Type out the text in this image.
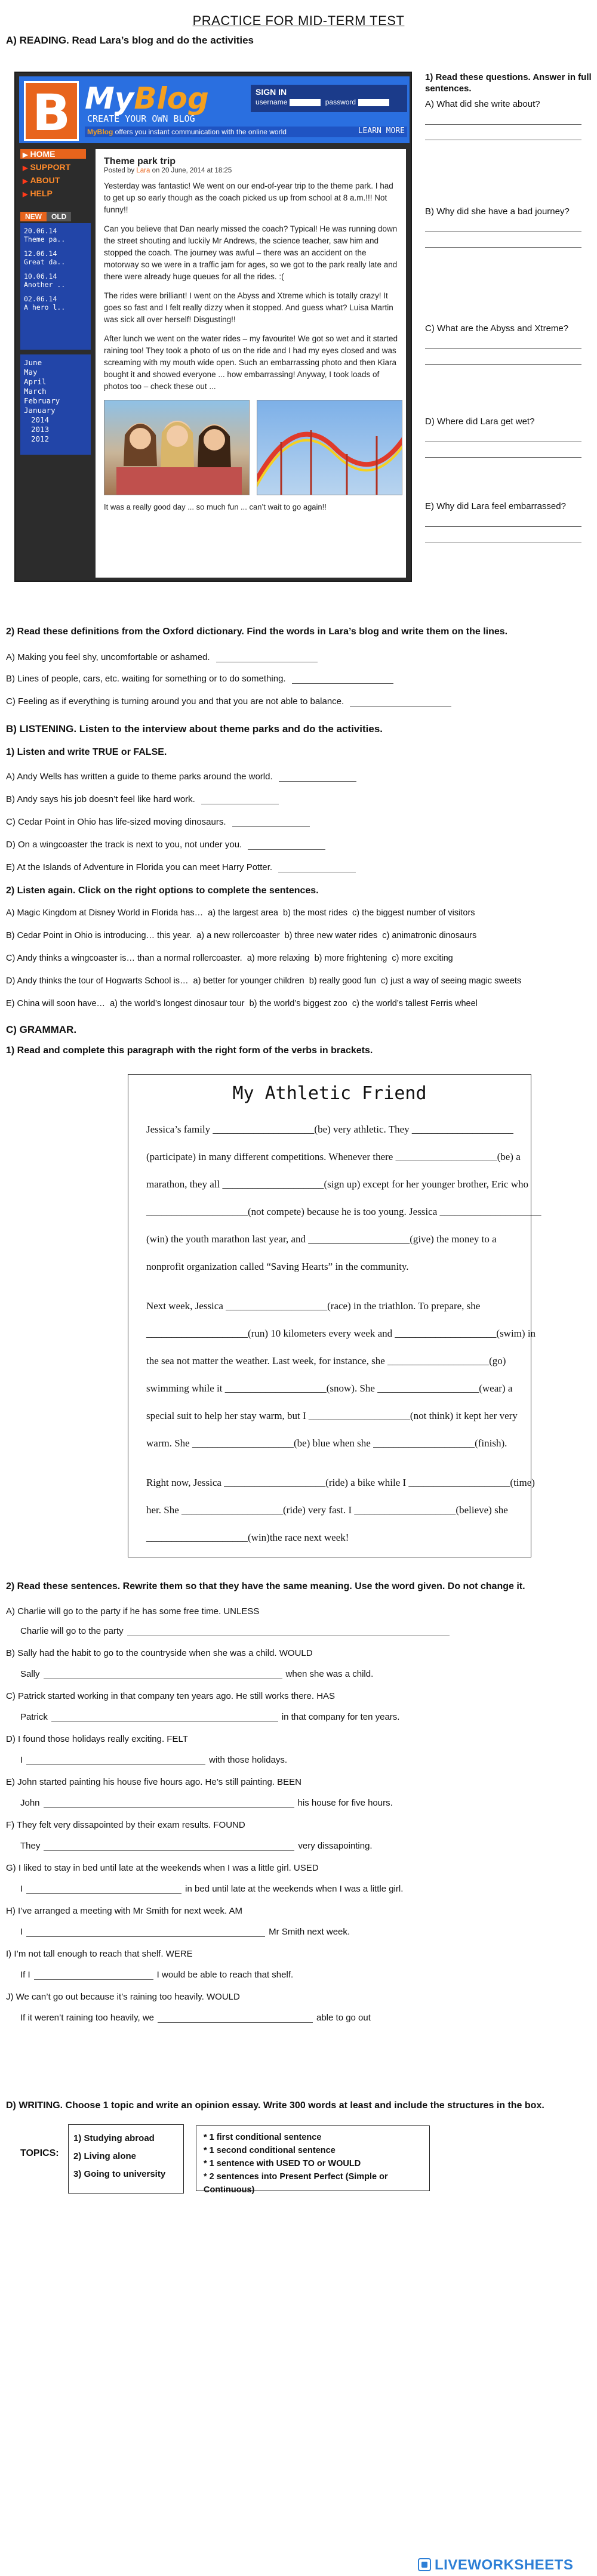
PRACTICE FOR MID-TERM TEST
A) READING. Read Lara’s blog and do the activities
B MyBlog	SIGN IN
username	password
CREATE YOUR OWN BLOG
MyBlog offers you instant communication with the online world	LEARN MORE
▶ HOME
▶ SUPPORT
▶ ABOUT
▶ HELP
NEW OLD
20.06.14
Theme pa..
12.06.14
Great da..
10.06.14
Another ..
02.06.14
A hero l..
June
May
April
March
February
January
2014
2013
2012
Theme park trip
Posted by Lara on 20 June, 2014 at 18:25

Yesterday was fantastic! We went on our end-of-year trip to the theme park. I had to get up so early though as the coach picked us up from school at 8 a.m.!!! Not funny!!

Can you believe that Dan nearly missed the coach? Typical! He was running down the street shouting and luckily Mr Andrews, the science teacher, saw him and stopped the coach. The journey was awful – there was an accident on the motorway so we were in a traffic jam for ages, so we got to the park really late and there were already huge queues for all the rides. :(

The rides were brilliant! I went on the Abyss and Xtreme which is totally crazy! It goes so fast and I felt really dizzy when it stopped. And guess what? Luisa Martin was sick all over herself! Disgusting!!

After lunch we went on the water rides – my favourite! We got so wet and it started raining too! They took a photo of us on the ride and I had my eyes closed and was screaming with my mouth wide open. Such an embarrassing photo and then Kiara bought it and showed everyone ... how embarrassing! Anyway, I took loads of photos too – check these out ...

It was a really good day ... so much fun ... can’t wait to go again!!
1) Read these questions. Answer in full sentences.
A) What did she write about?

B) Why did she have a bad journey?

C) What are the Abyss and Xtreme?

D) Where did Lara get wet?

E) Why did Lara feel embarrassed?

2) Read these definitions from the Oxford dictionary. Find the words in Lara’s blog and write them on the lines.
A) Making you feel shy, uncomfortable or ashamed.
B) Lines of people, cars, etc. waiting for something or to do something.
C) Feeling as if everything is turning around you and that you are not able to balance.
B) LISTENING. Listen to the interview about theme parks and do the activities.
1) Listen and write TRUE or FALSE.
A) Andy Wells has written a guide to theme parks around the world.
B) Andy says his job doesn’t feel like hard work.
C) Cedar Point in Ohio has life-sized moving dinosaurs.
D) On a wingcoaster the track is next to you, not under you.
E) At the Islands of Adventure in Florida you can meet Harry Potter.
2) Listen again. Click on the right options to complete the sentences.
A) Magic Kingdom at Disney World in Florida has… a) the largest area b) the most rides c) the biggest number of visitors
B) Cedar Point in Ohio is introducing… this year. a) a new rollercoaster b) three new water rides c) animatronic dinosaurs
C) Andy thinks a wingcoaster is… than a normal rollercoaster. a) more relaxing b) more frightening c) more exciting
D) Andy thinks the tour of Hogwarts School is… a) better for younger children b) really good fun c) just a way of seeing magic sweets
E) China will soon have… a) the world’s longest dinosaur tour b) the world’s biggest zoo c) the world’s tallest Ferris wheel
C) GRAMMAR.
1) Read and complete this paragraph with the right form of the verbs in brackets.
My Athletic Friend
Jessica’s family ____________________(be) very athletic. They ____________________
(participate) in many different competitions. Whenever there ____________________(be) a
marathon, they all ____________________(sign up) except for her younger brother, Eric who
____________________(not compete) because he is too young. Jessica ____________________
(win) the youth marathon last year, and ____________________(give) the money to a
nonprofit organization called “Saving Hearts” in the community.
Next week, Jessica ____________________(race) in the triathlon. To prepare, she
____________________(run) 10 kilometers every week and ____________________(swim) in
the sea not matter the weather. Last week, for instance, she ____________________(go)
swimming while it ____________________(snow). She ____________________(wear) a
special suit to help her stay warm, but I ____________________(not think) it kept her very
warm. She ____________________(be) blue when she ____________________(finish).
Right now, Jessica ____________________(ride) a bike while I ____________________(time)
her. She ____________________(ride) very fast. I ____________________(believe) she
____________________(win)the race next week!
2) Read these sentences. Rewrite them so that they have the same meaning. Use the word given. Do not change it.
A) Charlie will go to the party if he has some free time. UNLESS
Charlie will go to the party
B) Sally had the habit to go to the countryside when she was a child. WOULD
Sally	when she was a child.
C) Patrick started working in that company ten years ago. He still works there. HAS
Patrick	in that company for ten years.
D) I found those holidays really exciting. FELT
I	with those holidays.
E) John started painting his house five hours ago. He’s still painting. BEEN
John	his house for five hours.
F) They felt very dissapointed by their exam results. FOUND
They	very dissapointing.
G) I liked to stay in bed until late at the weekends when I was a little girl. USED
I	in bed until late at the weekends when I was a little girl.
H) I’ve arranged a meeting with Mr Smith for next week. AM
I	Mr Smith next week.
I) I’m not tall enough to reach that shelf. WERE
If I	I would be able to reach that shelf.
J) We can’t go out because it’s raining too heavily. WOULD
If it weren’t raining too heavily, we	able to go out
D) WRITING. Choose 1 topic and write an opinion essay. Write 300 words at least and include the structures in the box.
TOPICS:
1) Studying abroad
2) Living alone
3) Going to university
* 1 first conditional sentence
* 1 second conditional sentence
* 1 sentence with USED TO or WOULD
* 2 sentences into Present Perfect (Simple or Continuous)
LIVEWORKSHEETS
